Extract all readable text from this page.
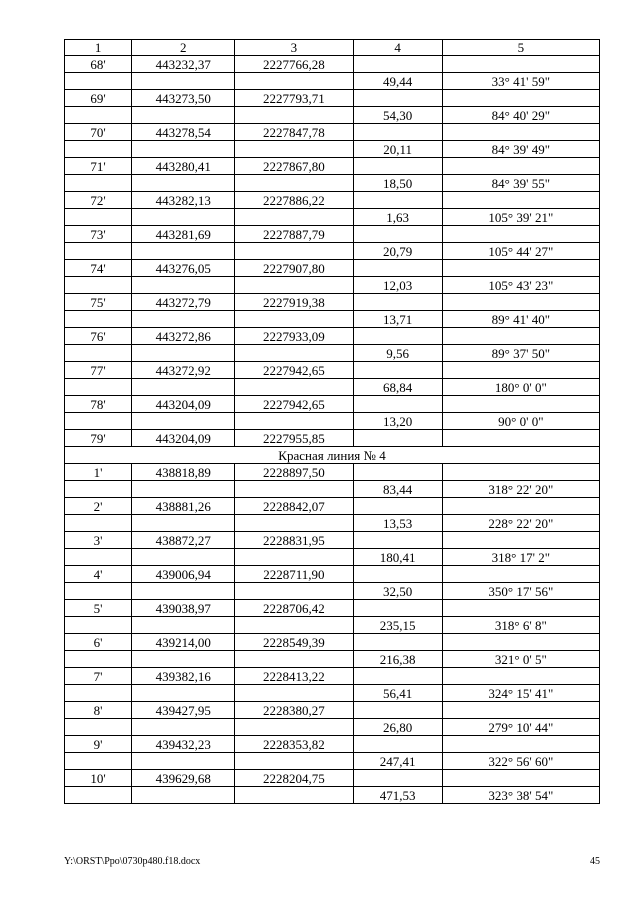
1	2	3	4	5
68'	443232,37	2227766,28		
			49,44	33° 41' 59"
69'	443273,50	2227793,71		
			54,30	84° 40' 29"
70'	443278,54	2227847,78		
			20,11	84° 39' 49"
71'	443280,41	2227867,80		
			18,50	84° 39' 55"
72'	443282,13	2227886,22		
			1,63	105° 39' 21"
73'	443281,69	2227887,79		
			20,79	105° 44' 27"
74'	443276,05	2227907,80		
			12,03	105° 43' 23"
75'	443272,79	2227919,38		
			13,71	89° 41' 40"
76'	443272,86	2227933,09		
			9,56	89° 37' 50"
77'	443272,92	2227942,65		
			68,84	180° 0' 0"
78'	443204,09	2227942,65		
			13,20	90° 0' 0"
79'	443204,09	2227955,85		
Красная линия № 4				
1'	438818,89	2228897,50		
			83,44	318° 22' 20"
2'	438881,26	2228842,07		
			13,53	228° 22' 20"
3'	438872,27	2228831,95		
			180,41	318° 17' 2"
4'	439006,94	2228711,90		
			32,50	350° 17' 56"
5'	439038,97	2228706,42		
			235,15	318° 6' 8"
6'	439214,00	2228549,39		
			216,38	321° 0' 5"
7'	439382,16	2228413,22		
			56,41	324° 15' 41"
8'	439427,95	2228380,27		
			26,80	279° 10' 44"
9'	439432,23	2228353,82		
			247,41	322° 56' 60"
10'	439629,68	2228204,75		
			471,53	323° 38' 54"
Y:\ORST\Ppo\0730p480.f18.docx	45
